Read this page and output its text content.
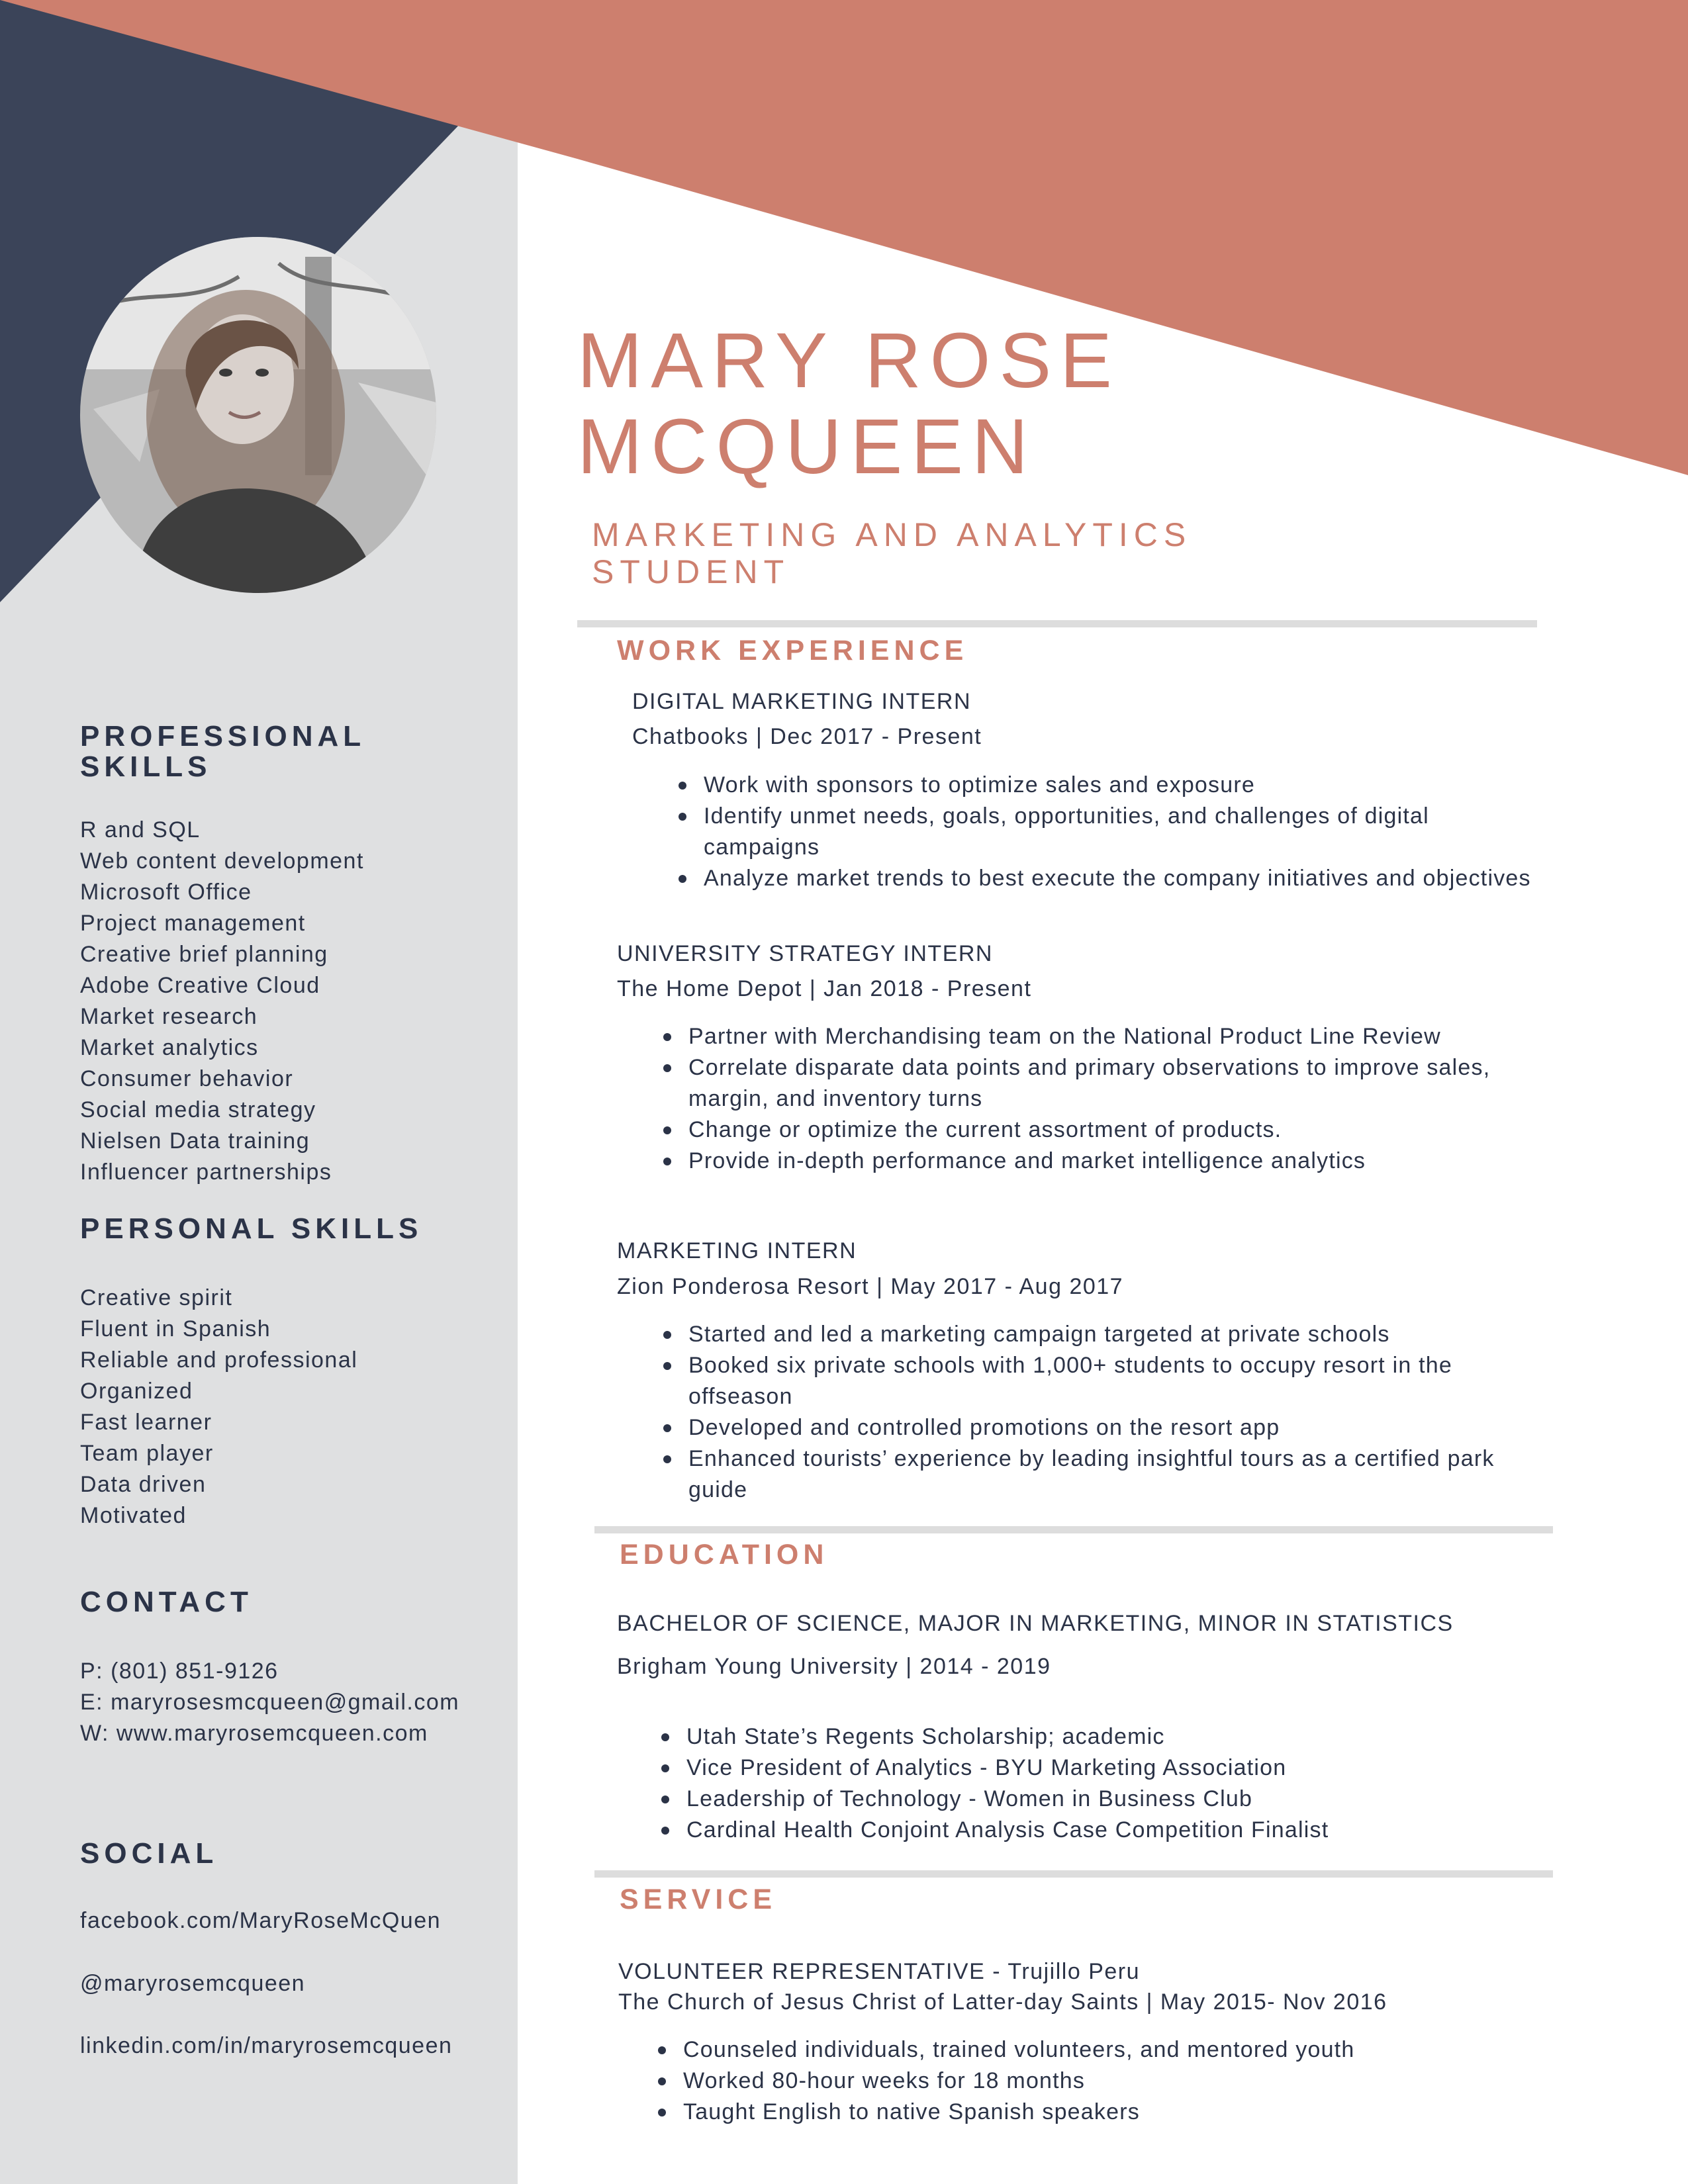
MARY ROSE
MCQUEEN
MARKETING AND ANALYTICS
STUDENT
PROFESSIONAL
SKILLS
R and SQL
Web content development
Microsoft Office
Project management
Creative brief planning
Adobe Creative Cloud
Market research
Market analytics
Consumer behavior
Social media strategy
Nielsen Data training
Influencer partnerships
PERSONAL SKILLS
Creative spirit
Fluent in Spanish
Reliable and professional
Organized
Fast learner
Team player
Data driven
Motivated
CONTACT
P: (801) 851-9126
E: maryrosesmcqueen@gmail.com
W: www.maryrosemcqueen.com
SOCIAL
facebook.com/MaryRoseMcQuen
@maryrosemcqueen
linkedin.com/in/maryrosemcqueen
WORK EXPERIENCE
DIGITAL MARKETING INTERN
Chatbooks | Dec 2017 - Present
Work with sponsors to optimize sales and exposure
Identify unmet needs, goals, opportunities, and challenges of digital campaigns
Analyze market trends to best execute the company initiatives and objectives
UNIVERSITY STRATEGY INTERN
The Home Depot | Jan 2018 - Present
Partner with Merchandising team on the National Product Line Review
Correlate disparate data points and primary observations to improve sales, margin, and inventory turns
Change or optimize the current assortment of products.
Provide in-depth performance and market intelligence analytics
MARKETING INTERN
Zion Ponderosa Resort | May 2017 - Aug 2017
Started and led a marketing campaign targeted at private schools
Booked six private schools with 1,000+ students to occupy resort in the offseason
Developed and controlled promotions on the resort app
Enhanced tourists’ experience by leading insightful tours as a certified park guide
EDUCATION
BACHELOR OF SCIENCE, MAJOR IN MARKETING, MINOR IN STATISTICS
Brigham Young University | 2014 - 2019
Utah State’s Regents Scholarship; academic
Vice President of Analytics - BYU Marketing Association
Leadership of Technology - Women in Business Club
Cardinal Health Conjoint Analysis Case Competition Finalist
SERVICE
VOLUNTEER REPRESENTATIVE - Trujillo Peru
The Church of Jesus Christ of Latter-day Saints | May 2015- Nov 2016
Counseled individuals, trained volunteers, and mentored youth
Worked 80-hour weeks for 18 months
Taught English to native Spanish speakers
